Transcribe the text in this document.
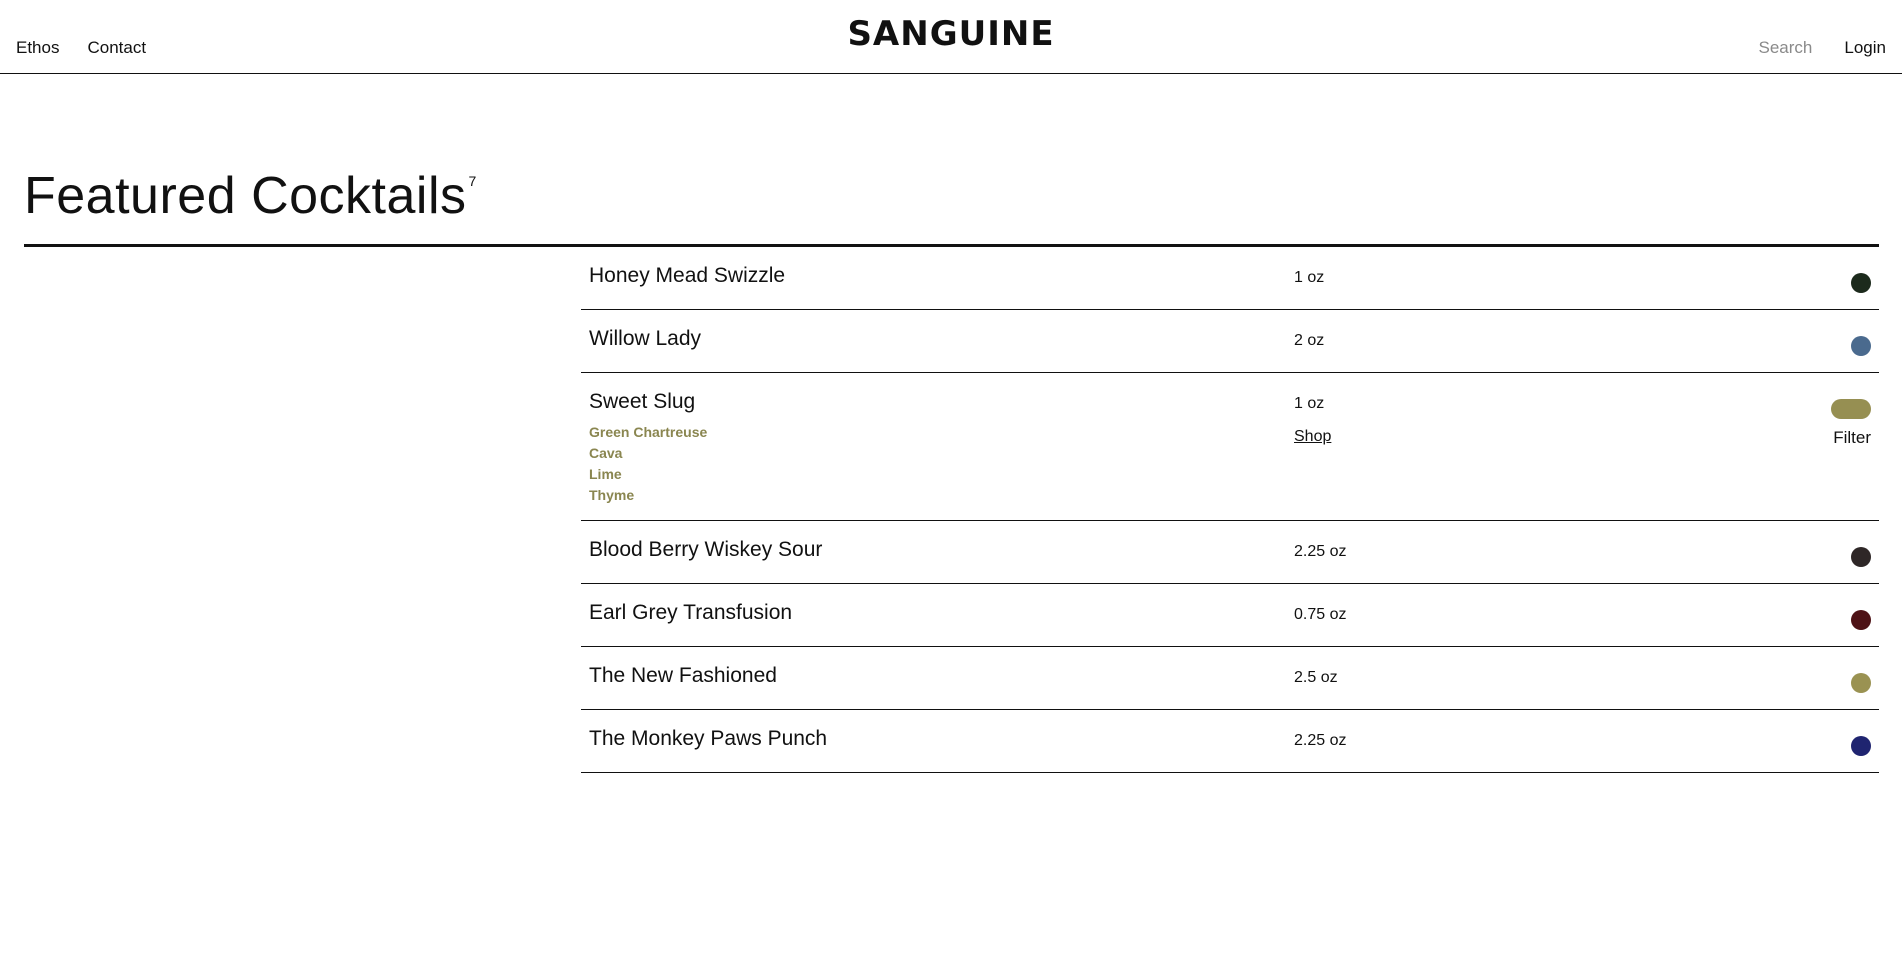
Ethos Contact	SANGUINE
Search	Login
Featured Cocktails $^7$
Honey Mead Swizzle	1 oz
Willow Lady	2 oz
Sweet Slug	1 oz
Green Chartreuse
Cava
Lime
Thyme
Shop	Filter
Blood Berry Wiskey Sour	2.25 oz
Earl Grey Transfusion	0.75 oz
The New Fashioned	2.5 oz
The Monkey Paws Punch	2.25 oz
